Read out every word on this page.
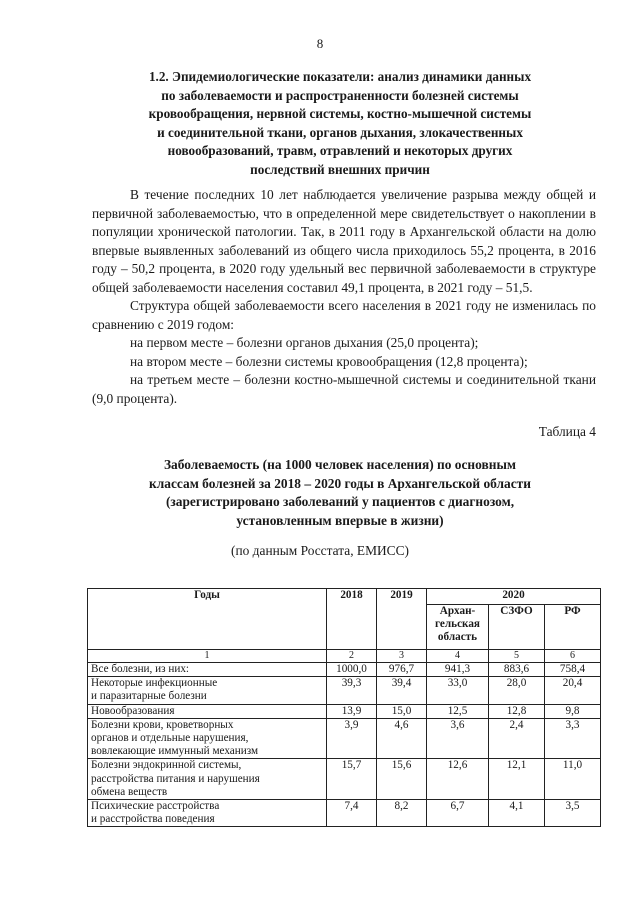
8
1.2. Эпидемиологические показатели: анализ динамики данных
по заболеваемости и распространенности болезней системы
кровообращения, нервной системы, костно-мышечной системы
и соединительной ткани, органов дыхания, злокачественных
новообразований, травм, отравлений и некоторых других
последствий внешних причин

В течение последних 10 лет наблюдается увеличение разрыва между общей и первичной заболеваемостью, что в определенной мере свидетельствует о накоплении в популяции хронической патологии. Так, в 2011 году в Архангельской области на долю впервые выявленных заболеваний из общего числа приходилось 55,2 процента, в 2016 году – 50,2 процента, в 2020 году удельный вес первичной заболеваемости в структуре общей заболеваемости населения составил 49,1 процента, в 2021 году – 51,5.

Структура общей заболеваемости всего населения в 2021 году не изменилась по сравнению с 2019 годом:

на первом месте – болезни органов дыхания (25,0 процента);

на втором месте – болезни системы кровообращения (12,8 процента);

на третьем месте – болезни костно-мышечной системы и соединительной ткани (9,0 процента).

Таблица 4
Заболеваемость (на 1000 человек населения) по основным
классам болезней за 2018 – 2020 годы в Архангельской области
(зарегистрировано заболеваний у пациентов с диагнозом,
установленным впервые в жизни)
(по данным Росстата, ЕМИСС)
Годы	2018	2019	2020		
			Архан-
гельская
область	СЗФО	РФ
1	2	3	4	5	6
Все болезни, из них:	1000,0	976,7	941,3	883,6	758,4
Некоторые инфекционные
и паразитарные болезни	39,3	39,4	33,0	28,0	20,4
Новообразования	13,9	15,0	12,5	12,8	9,8
Болезни крови, кроветворных
органов и отдельные нарушения,
вовлекающие иммунный механизм	3,9	4,6	3,6	2,4	3,3
Болезни эндокринной системы,
расстройства питания и нарушения
обмена веществ	15,7	15,6	12,6	12,1	11,0
Психические расстройства
и расстройства поведения	7,4	8,2	6,7	4,1	3,5
